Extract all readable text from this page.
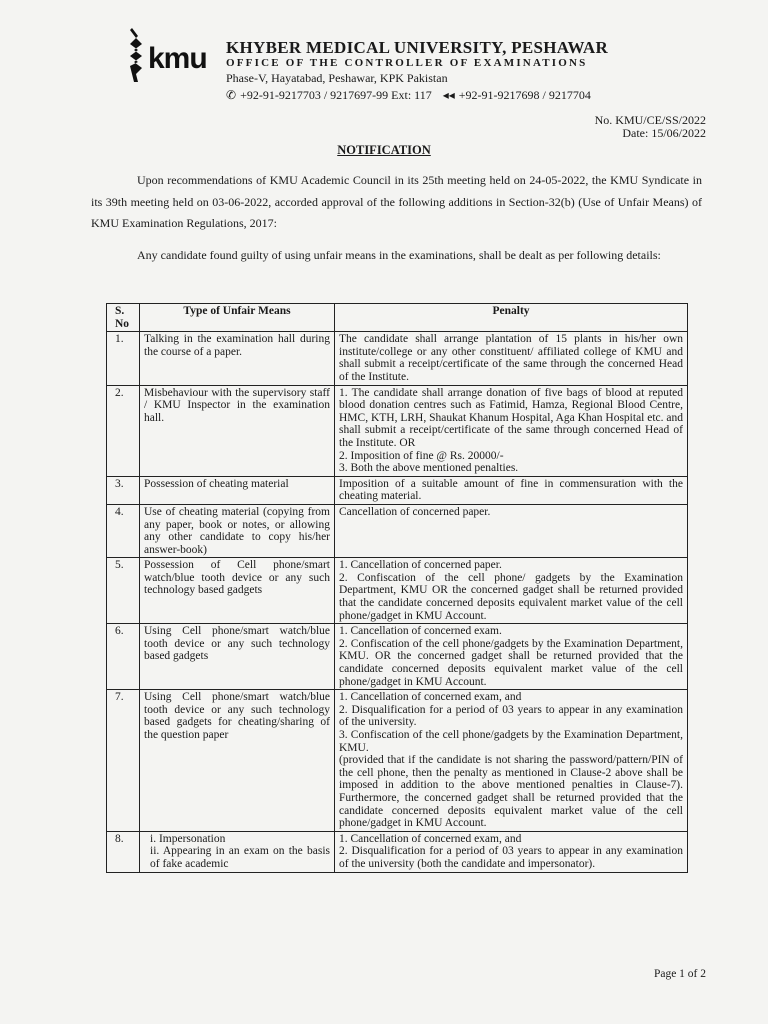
kmu KHYBER MEDICAL UNIVERSITY, PESHAWAR
OFFICE OF THE CONTROLLER OF EXAMINATIONS
Phase-V, Hayatabad, Peshawar, KPK Pakistan
✆ +92-91-9217703 / 9217697-99 Ext: 117 ◂◂ +92-91-9217698 / 9217704
No. KMU/CE/SS/2022
Date: 15/06/2022
NOTIFICATION
Upon recommendations of KMU Academic Council in its 25th meeting held on 24-05-2022, the KMU Syndicate in its 39th meeting held on 03-06-2022, accorded approval of the following additions in Section-32(b) (Use of Unfair Means) of KMU Examination Regulations, 2017:
Any candidate found guilty of using unfair means in the examinations, shall be dealt as per following details:
S. No	Type of Unfair Means	Penalty
1.	Talking in the examination hall during the course of a paper.	The candidate shall arrange plantation of 15 plants in his/her own institute/college or any other constituent/ affiliated college of KMU and shall submit a receipt/certificate of the same through the concerned Head of the Institute.

2.	Misbehaviour with the supervisory staff / KMU Inspector in the examination hall.	1. The candidate shall arrange donation of five bags of blood at reputed blood donation centres such as Fatimid, Hamza, Regional Blood Centre, HMC, KTH, LRH, Shaukat Khanum Hospital, Aga Khan Hospital etc. and shall submit a receipt/certificate of the same through concerned Head of the Institute. OR
2. Imposition of fine @ Rs. 20000/-
3. Both the above mentioned penalties.

3.	Possession of cheating material	Imposition of a suitable amount of fine in commensuration with the cheating material.

4.	Use of cheating material (copying from any paper, book or notes, or allowing any other candidate to copy his/her answer-book)	Cancellation of concerned paper.

5.	Possession of Cell phone/smart watch/blue tooth device or any such technology based gadgets	1. Cancellation of concerned paper.
2. Confiscation of the cell phone/ gadgets by the Examination Department, KMU OR the concerned gadget shall be returned provided that the candidate concerned deposits equivalent market value of the cell phone/gadget in KMU Account.

6.	Using Cell phone/smart watch/blue tooth device or any such technology based gadgets	1. Cancellation of concerned exam.
2. Confiscation of the cell phone/gadgets by the Examination Department, KMU. OR the concerned gadget shall be returned provided that the candidate concerned deposits equivalent market value of the cell phone/gadget in KMU Account.

7.	Using Cell phone/smart watch/blue tooth device or any such technology based gadgets for cheating/sharing of the question paper	1. Cancellation of concerned exam, and
2. Disqualification for a period of 03 years to appear in any examination of the university.
3. Confiscation of the cell phone/gadgets by the Examination Department, KMU.
(provided that if the candidate is not sharing the password/pattern/PIN of the cell phone, then the penalty as mentioned in Clause-2 above shall be imposed in addition to the above mentioned penalties in Clause-7). Furthermore, the concerned gadget shall be returned provided that the candidate concerned deposits equivalent market value of the cell phone/gadget in KMU Account.

8.	i. Impersonation
ii. Appearing in an exam on the basis of fake academic	1. Cancellation of concerned exam, and
2. Disqualification for a period of 03 years to appear in any examination of the university (both the candidate and impersonator).
Page 1 of 2
